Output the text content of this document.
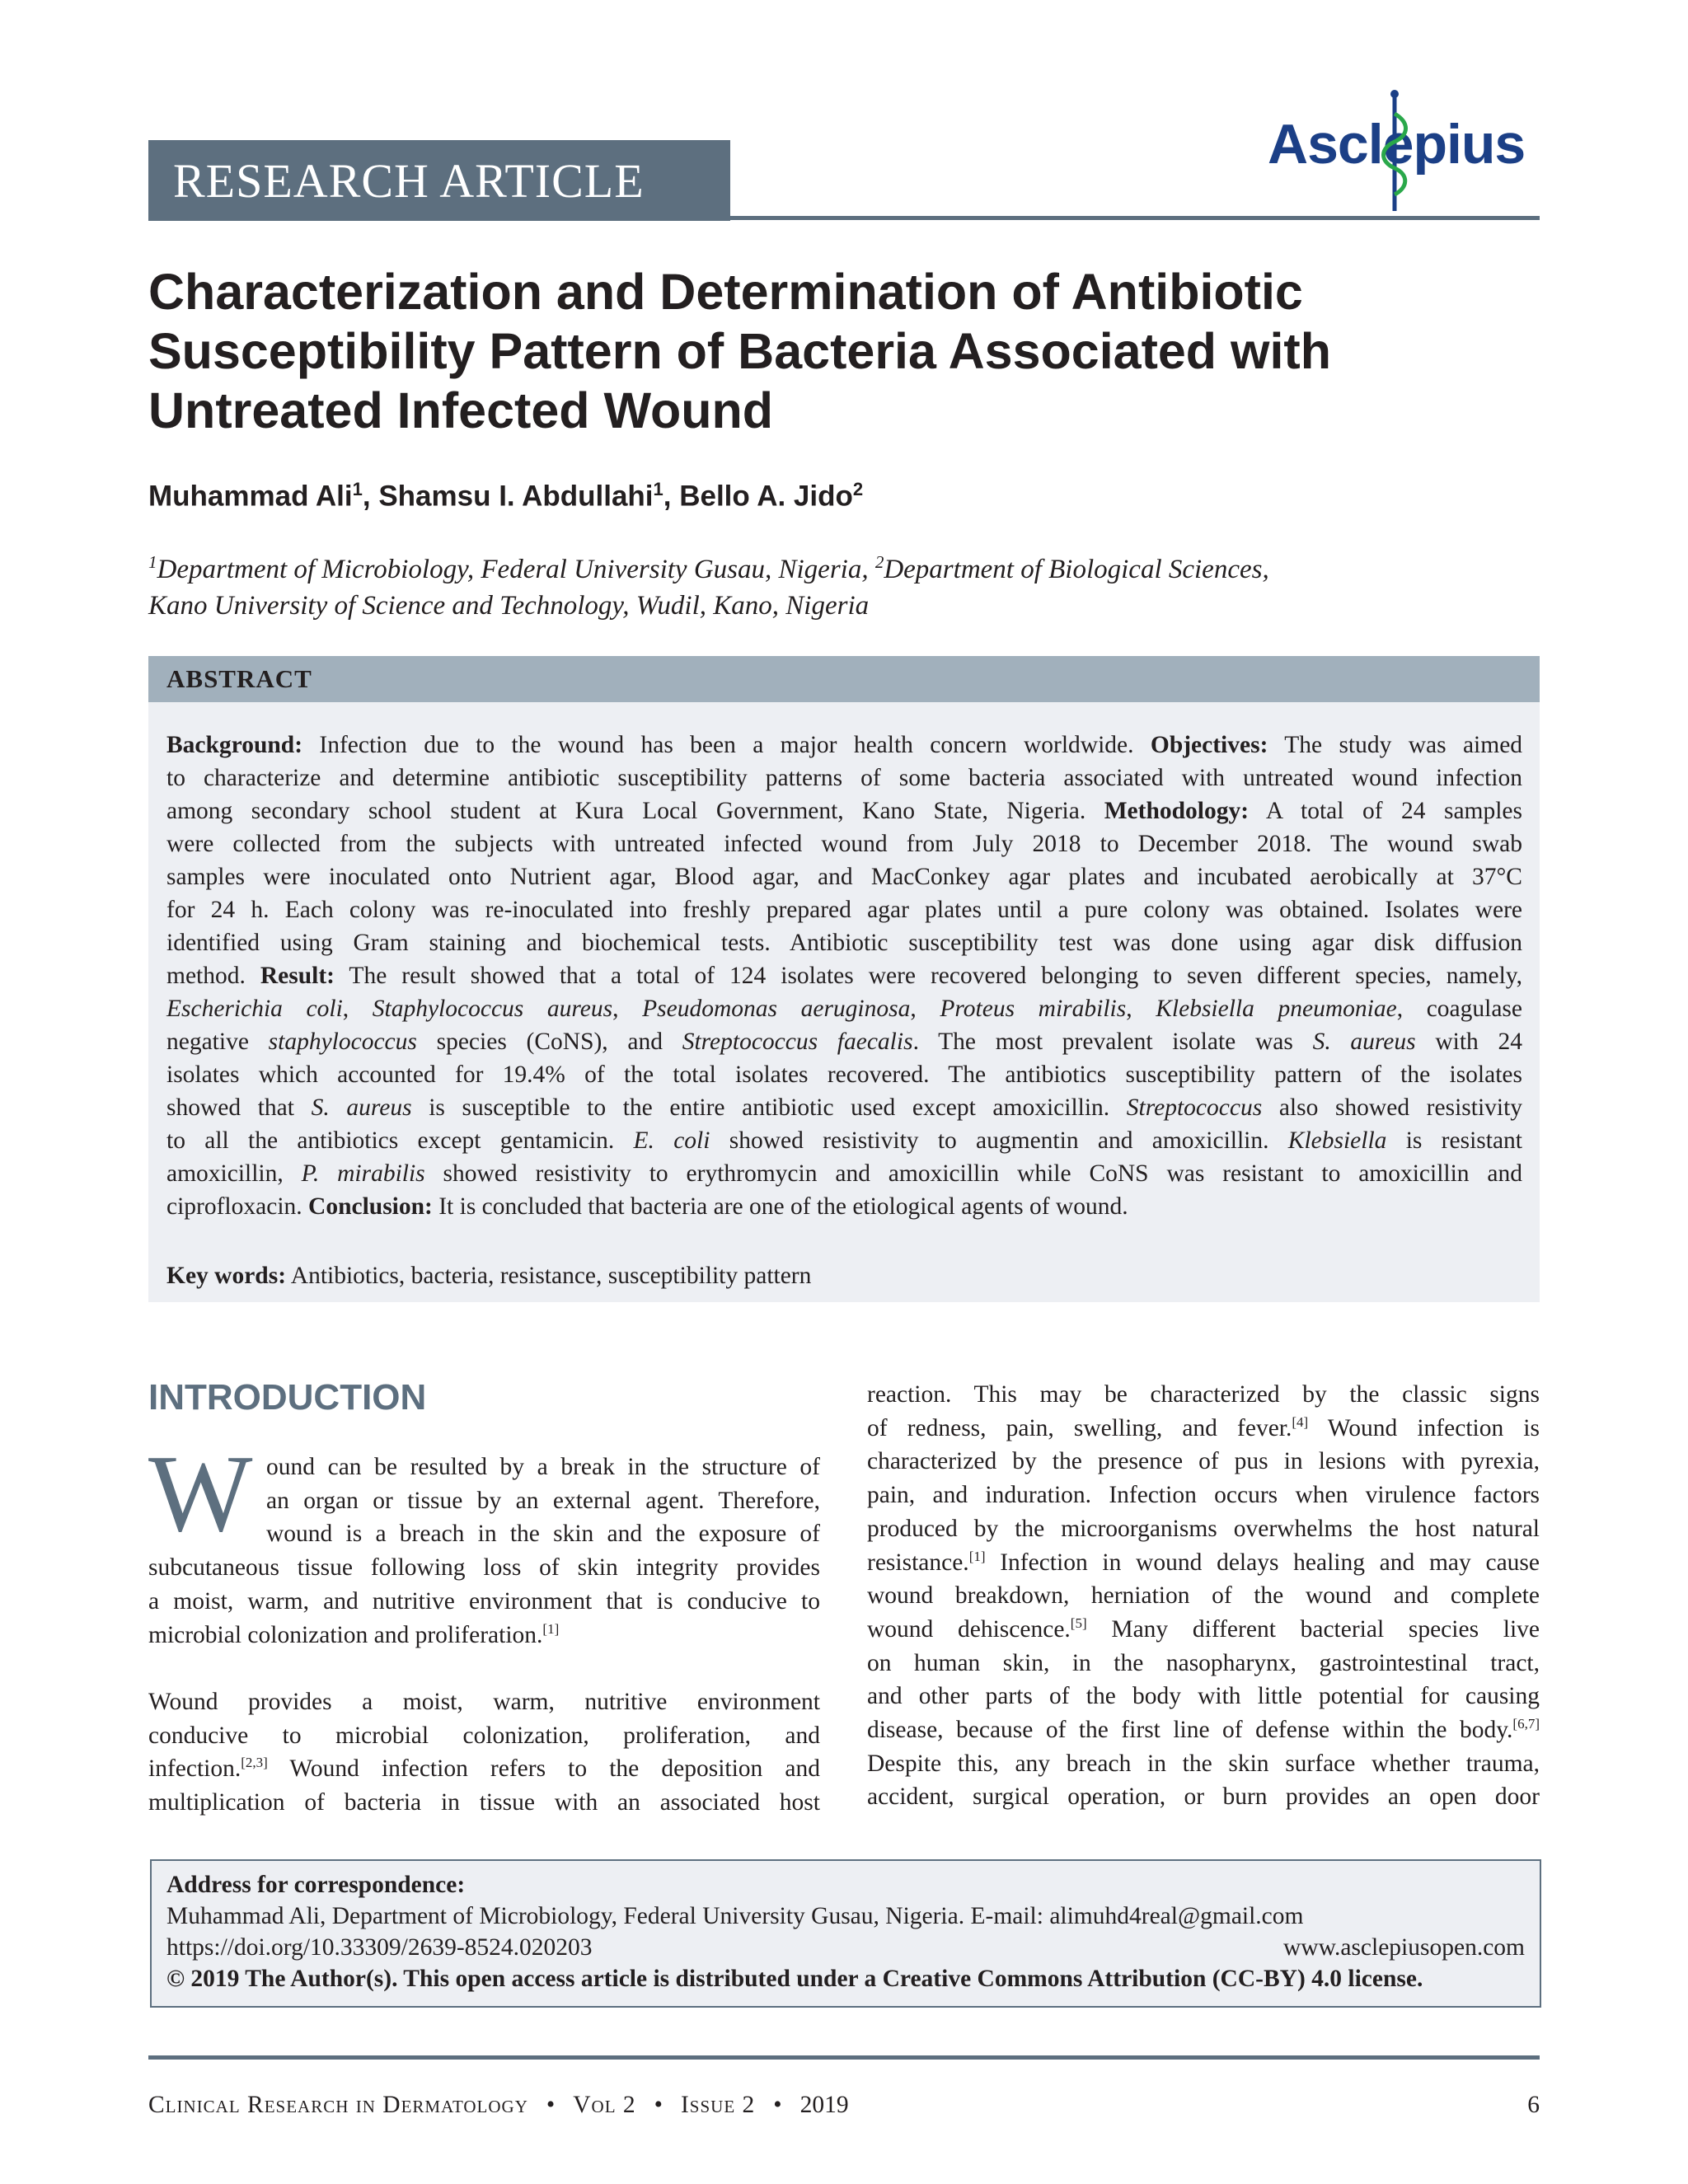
RESEARCH ARTICLE
Asclepius
Characterization and Determination of Antibiotic
Susceptibility Pattern of Bacteria Associated with
Untreated Infected Wound
Muhammad Ali$^1$, Shamsu I. Abdullahi$^1$, Bello A. Jido$^2$
$^1$Department of Microbiology, Federal University Gusau, Nigeria, $^2$Department of Biological Sciences,
Kano University of Science and Technology, Wudil, Kano, Nigeria
ABSTRACT
Background: Infection due to the wound has been a major health concern worldwide. Objectives: The study was aimed
to characterize and determine antibiotic susceptibility patterns of some bacteria associated with untreated wound infection
among secondary school student at Kura Local Government, Kano State, Nigeria. Methodology: A total of 24 samples
were collected from the subjects with untreated infected wound from July 2018 to December 2018. The wound swab
samples were inoculated onto Nutrient agar, Blood agar, and MacConkey agar plates and incubated aerobically at 37°C
for 24 h. Each colony was re-inoculated into freshly prepared agar plates until a pure colony was obtained. Isolates were
identified using Gram staining and biochemical tests. Antibiotic susceptibility test was done using agar disk diffusion
method. Result: The result showed that a total of 124 isolates were recovered belonging to seven different species, namely,
Escherichia coli, Staphylococcus aureus, Pseudomonas aeruginosa, Proteus mirabilis, Klebsiella pneumoniae, coagulase
negative staphylococcus species (CoNS), and Streptococcus faecalis. The most prevalent isolate was S. aureus with 24
isolates which accounted for 19.4% of the total isolates recovered. The antibiotics susceptibility pattern of the isolates
showed that S. aureus is susceptible to the entire antibiotic used except amoxicillin. Streptococcus also showed resistivity
to all the antibiotics except gentamicin. E. coli showed resistivity to augmentin and amoxicillin. Klebsiella is resistant
amoxicillin, P. mirabilis showed resistivity to erythromycin and amoxicillin while CoNS was resistant to amoxicillin and
ciprofloxacin. Conclusion: It is concluded that bacteria are one of the etiological agents of wound.
Key words: Antibiotics, bacteria, resistance, susceptibility pattern
INTRODUCTION
W ound can be resulted by a break in the structure of
an organ or tissue by an external agent. Therefore,
wound is a breach in the skin and the exposure of
subcutaneous tissue following loss of skin integrity provides
a moist, warm, and nutritive environment that is conducive to
microbial colonization and proliferation.[1]
Wound provides a moist, warm, nutritive environment
conducive to microbial colonization, proliferation, and
infection.[2,3] Wound infection refers to the deposition and
multiplication of bacteria in tissue with an associated host
reaction. This may be characterized by the classic signs
of redness, pain, swelling, and fever.[4] Wound infection is
characterized by the presence of pus in lesions with pyrexia,
pain, and induration. Infection occurs when virulence factors
produced by the microorganisms overwhelms the host natural
resistance.[1] Infection in wound delays healing and may cause
wound breakdown, herniation of the wound and complete
wound dehiscence.[5] Many different bacterial species live
on human skin, in the nasopharynx, gastrointestinal tract,
and other parts of the body with little potential for causing
disease, because of the first line of defense within the body.[6,7]
Despite this, any breach in the skin surface whether trauma,
accident, surgical operation, or burn provides an open door
Address for correspondence:
Muhammad Ali, Department of Microbiology, Federal University Gusau, Nigeria. E-mail: alimuhd4real@gmail.com
https://doi.org/10.33309/2639-8524.020203	www.asclepiusopen.com
© 2019 The Author(s). This open access article is distributed under a Creative Commons Attribution (CC-BY) 4.0 license.
Clinical Research in Dermatology • Vol 2 • Issue 2 • 2019	6
